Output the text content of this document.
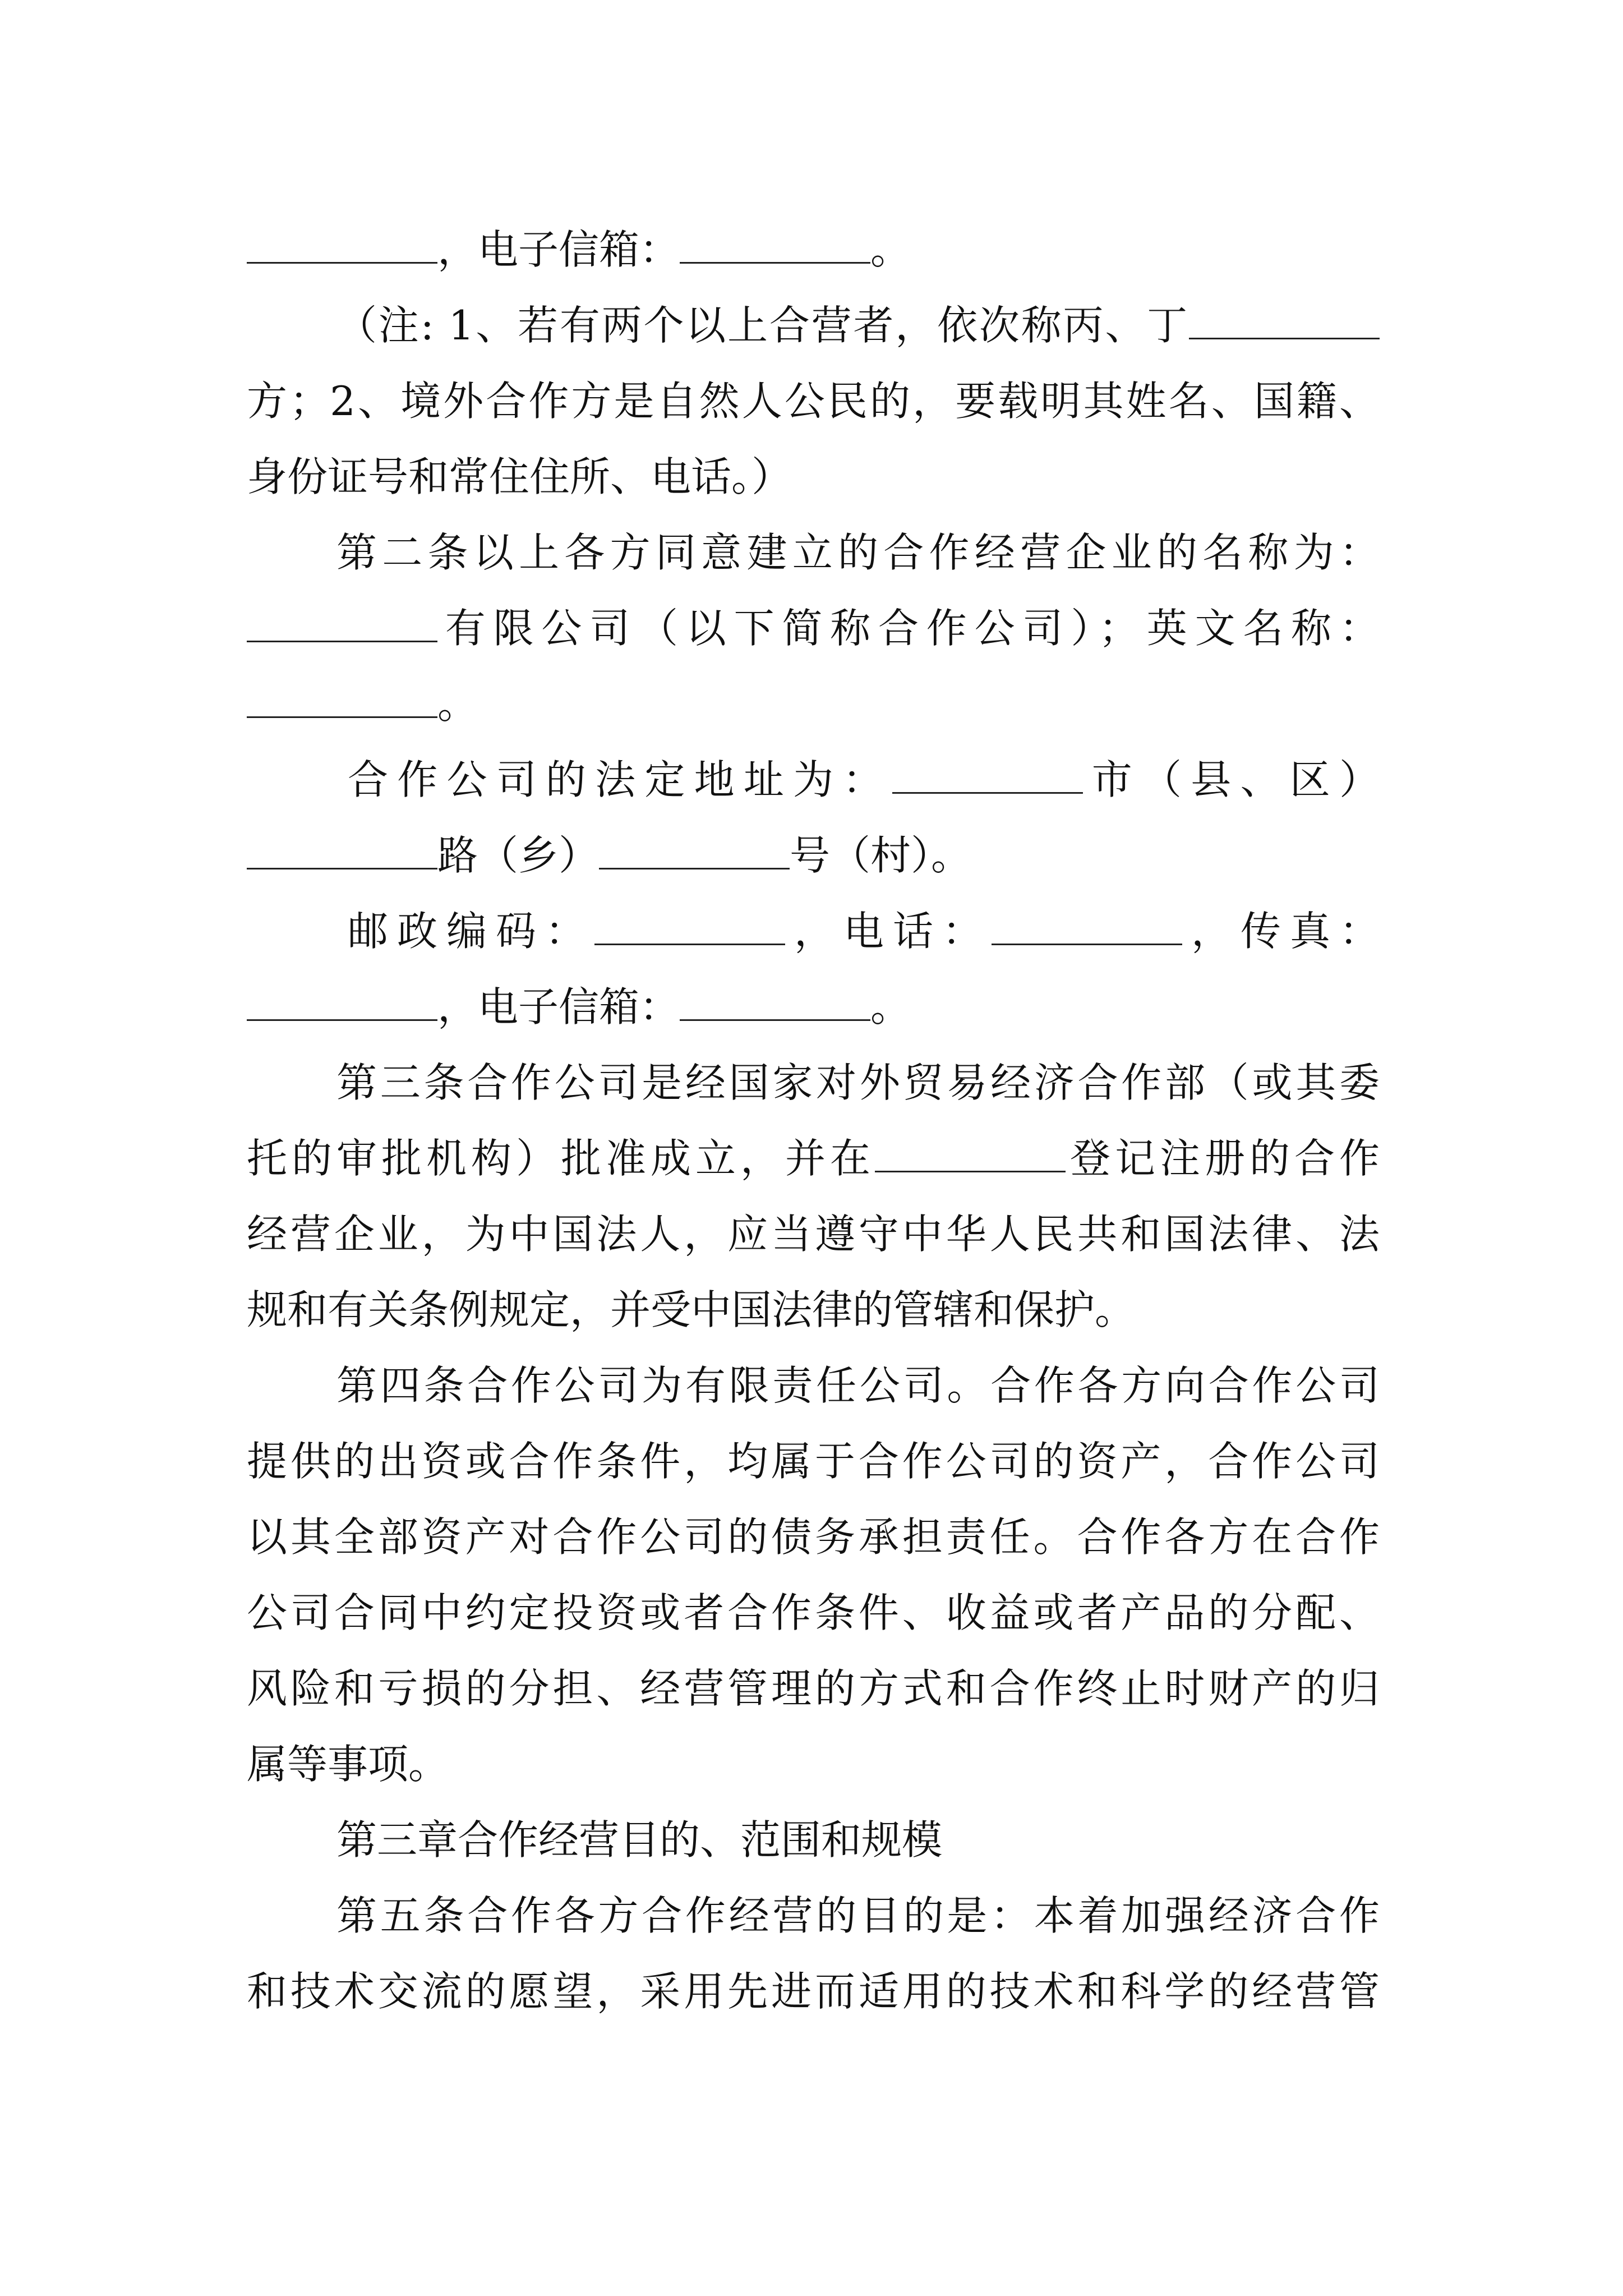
，电子信箱：	。
（注: 1、若有两个以上合营者，依次称丙、丁
方；2、境外合作方是自然人公民的，要载明其姓名、国籍、
身份证号和常住住所、电话。）
第二条以上各方同意建立的合作经营企业的名称为：
有限公司（以下简称合作公司）；英文名称：
。
合作公司的法定地址为：	市（县、区）
路（乡）	号（村）。
邮政编码：	，电话：	，传真：
，电子信箱：	。
第三条合作公司是经国家对外贸易经济合作部（或其委
托的审批机构）批准成立，并在	登记注册的合作
经营企业，为中国法人，应当遵守中华人民共和国法律、法
规和有关条例规定，并受中国法律的管辖和保护。
第四条合作公司为有限责任公司。合作各方向合作公司
提供的出资或合作条件，均属于合作公司的资产，合作公司
以其全部资产对合作公司的债务承担责任。合作各方在合作
公司合同中约定投资或者合作条件、收益或者产品的分配、
风险和亏损的分担、经营管理的方式和合作终止时财产的归
属等事项。
第三章合作经营目的、范围和规模
第五条合作各方合作经营的目的是：本着加强经济合作
和技术交流的愿望，采用先进而适用的技术和科学的经营管
